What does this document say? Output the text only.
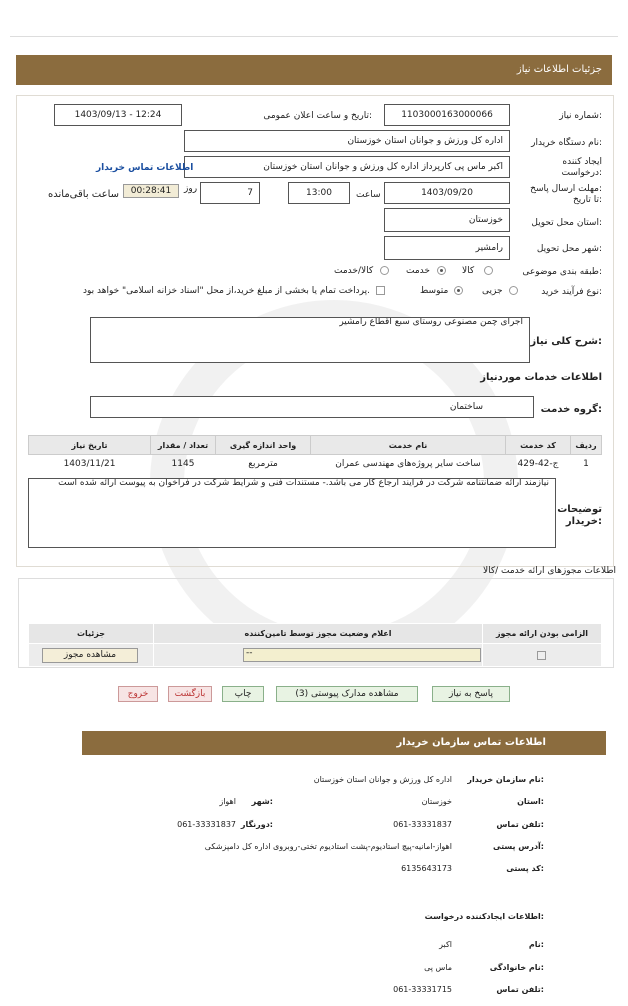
جزئیات اطلاعات نیاز
شماره نیاز:
1103000163000066
تاریخ و ساعت اعلان عمومی:
1403/09/13 - 12:24
نام دستگاه خریدار:
اداره کل ورزش و جوانان استان خوزستان
ایجاد کننده
درخواست:
اکبر ماس پی کارپرداز اداره کل ورزش و جوانان استان خوزستان
اطلاعات تماس خریدار
مهلت ارسال پاسخ:
تا تاریخ:
1403/09/20
ساعت
13:00
7
روز
00:28:41
ساعت باقی‌مانده
استان محل تحویل:
خوزستان
شهر محل تحویل:
رامشیر
طبقه بندی موضوعی:
کالا
خدمت
کالا/خدمت
نوع فرآیند خرید:
جزیی
متوسط
پرداخت تمام یا بخشی از مبلغ خرید،از محل "اسناد خزانه اسلامی" خواهد بود.
شرح کلی نیاز:
اجرای چمن مصنوعی روستای سبع اقطاع رامشیر
اطلاعات خدمات موردنیاز
گروه خدمت:
ساختمان
ردیف	کد خدمت	نام خدمت	واحد اندازه گیری	تعداد / مقدار	تاریخ نیاز
1	ج-42-429	ساخت سایر پروژه‌های مهندسی عمران	مترمربع	1145	1403/11/21
توضیحات
خریدار:
نیازمند ارائه ضمانتنامه شرکت در فرایند ارجاع کار می باشد.- مستندات فنی و شرایط شرکت در فراخوان به پیوست ارائه شده است
اطلاعات مجوزهای ارائه خدمت /کالا
الزامی بودن ارائه مجوز	اعلام وضعیت مجوز توسط تامین‌کننده	جزئیات

	--	مشاهده مجوز
پاسخ به نیاز
مشاهده مدارک پیوستی (3)
چاپ
بازگشت
خروج
اطلاعات تماس سازمان خریدار
نام سازمان خریدار:
اداره کل ورزش و جوانان استان خوزستان
استان:
خوزستان
شهر:
اهواز
تلفن تماس:
061-33331837
دورنگار:
061-33331837
آدرس پستی:
اهواز-امانیه-پیچ استادیوم-پشت استادیوم تختی-روبروی اداره کل دامپزشکی
کد پستی:
6135643173
اطلاعات ایجادکننده درخواست:
نام:
اکبر
نام خانوادگی:
ماس پی
تلفن تماس:
061-33331715
